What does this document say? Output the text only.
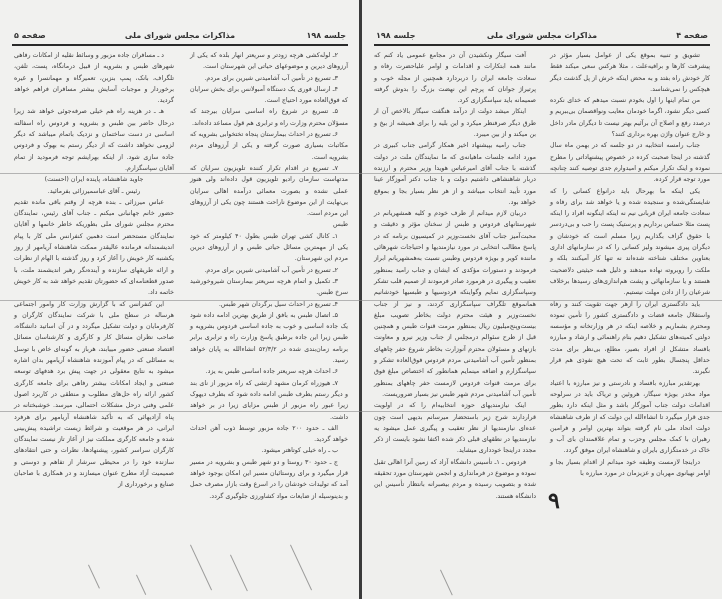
جلسه ۱۹۸
مذاکرات مجلس شورای ملی
صفحه ۵

۲ـ لوله‌کشی هرچه زودتر و سریعتر انهار بلده که یکی از آرزوهای دیرین و موضوعهای حیاتی این شهرستان است.

۳ـ تسریع در تأمین آب آشامیدنی شیرین برای مردم.

۴ـ ارسال فوری یک دستگاه آمبولانس برای بخش سرایان که فوق‌العاده مورد احتیاج است.

۵ـ تسریع در شروع راه اساسی سرایان بیرجند که مسؤلان محترم وزارت راه و ترابری هم قول مساعد داده‌اند.

۶ـ تسریع در احداث بیمارستان پنجاه تختخوابی بشرویه که مکاتبات بسیاری صورت گرفته و یکی از آرزوهای مردم بشرویه است.

۷ـ تسریع در اقدام تکرار کننده تلویزیون سرایان که مدتهاست سازمان رادیو تلویزیون قول داده‌اند ولی هنوز عملی نشده و بصورت معمائی درآمده اهالی سرایان بی‌نهایت از این موضوع ناراحت هستند چون یکی از آرزوهای این مردم است.

طبس

۱ـ کانال کشی تهران طبس بطول ۴۰ کیلومتر که خود یکی از مهمترین مسائل حیاتی طبس و از آرزوهای دیرین مردم این شهرستان.

۲ـ تسریع در تأمین آب آشامیدنی شیرین برای مردم.

۳ـ تکمیل و اتمام هرچه سریعتر بیمارستان شیروخورشید سرخ طبس.

۴ـ تسریع در احداث سیل برگردان شهر طبس.

۵ـ اتصال طبس به بافق از طریق بهترین ادامه داده شود یک جاده اساسی و خوب به جاده اساسی فردوس بشرویه و طبس زیرا این جاده برطبق پاسخ وزارت راه و ترابری برابر برنامه زمان‌بندی شده در ۵۲/۳/۲ انشاءالله به پایان خواهد رسید.

۶ـ احداث هرچه سریعتر جاده اساسی طبس به یزد.

۷ـ هیوزراه کرمان مشهد ارتشی که راه مزبور از نای بند و دیگر رستم بطرف طبس ادامه داده شود که بطرف دیهوک زیرا عبور راه مزبور از طبس مزایای زیرا در بر خواهد داشت.

الف ـ حدود ۲۰۰ جاده مزبور توسط ذوب آهن احداث خواهد گردید.

ب ـ راه خیلی کوتاهتر میشود.

ج ـ حدود ۳۰ روستا و دو شهر طبس و بشرویه در مسیر قرار میگیرد و برای روستائیان مسیر این امکان بوجود خواهد آمد که تولیدات خودشان را در اسرع وقت بازار مصرف حمل و بدینوسیله از ضایعات مواد کشاورزی جلوگیری گردد.

د ـ مسافران جاده مزبور و وسائط نقلیه از امکانات رفاهی شهرهای طبس و بشرویه از قبیل درمانگاه، پست، تلفن، تلگراف، بانک، پمپ بنزین، تعمیرگاه و مهمانسرا و غیره برخوردار و موجبات آسایش بیشتر مسافران فراهم خواهد گردید.

هـ ـ در هزینه راه هم خیلی صرفه‌جوئی خواهد شد زیرا درحال حاضر بین طبس و بشرویه و فردوس راه اسفالته اساسی در دست ساختمان و نزدیک باتمام میباشد که دیگر لزومی نخواهد داشت که از دیگر رستم به بهوک و فردوس جاده سازی شود. از اینکه بهرایشم توجه فرمودید از تمام آقایان سپاسگزارم.

جاوید شاهنشاه، پاینده ایران (احسنت)

رئیس ـ آقای عباسمیرزائی بفرمائید.

عباس میرزائی ـ بنده هرچه از وقتم باقی مانده تقدیم حضور خانم جهانبانی میکنم ـ جناب آقای رئیس، نمایندگان محترم مجلس شورای ملی بطوریکه خاطر خانمها و آقایان نمایندگان مستحضر است دهمین کنفرانس ملی کار با پیام اندیشمندانه فرمانده عالیقدر ممکت شاهنشاه آریامهر از روز یکشنبه کار خویش را آغاز کرد و روز گذشته با الهام از نظرات و ارائه طریقهای سازنده و آینده‌نگر رهبر اندیشمند ملت، با صدور قطعنامه‌ای که حضورتان تقدیم خواهد شد به کار خویش خاتمه داد.

این کنفرانس که با گزارش وزارت کار وامور اجتماعی هرساله در سطح ملی با شرکت نمایندگان کارگران و کارفرمایان و دولت تشکیل میگردد و در آن اساتید دانشگاه، صاحب نظران مسائل کار و کارگری و کارشناسان مسائل اقتصاد صنعتی حضور مییابند، هرباز به گونه‌ای خاص با توسل به مسائلی که در پیام آموزنده شاهنشاه آریامهر بدان اشاره میشود به نتایج معقولی در جهت پیش برد هدفهای توسعه صنعتی و ایجاد امکانات بیشتر رفاهی برای جامعه کارگری کشور ارائه راه حل‌های مطلوب و منطقی در کاربرد اصول علمی وفنی درحل مشکلات احتمالی، میرسد. خوشبختانه در پناه آزادیهائی که به تأکید شاهنشاه آریامهر برای هرفرد ایرانی، در هر موقعیت و شرائط زیست تراشیده پیش‌بینی شده و جامعه کارگری مملکت نیز از آغاز تاز نیست نمایندگان کارگران سراسر کشور، پیشنهادها، نظرات و حتی انتقادهای سازنده خود را در محیطی سرشار از تفاهم و دوستی و صمیمیت آزاد مطرح عنوان میسازند و در همکاری با صاحبان صنایع و برخورداری از

صفحه ۴
مذاکرات مجلس شورای ملی
جلسه ۱۹۸

تشویق و تنبیه بموقع یکی از عوامل بسیار مؤثر در پیشرفت کارها و برافیه‌علت ، مثلا هرکس سعی میکند فقط کار خودش راه بفتد و به محض اینکه خرش از پل گذشت دیگر هیچکس را نمی‌شناسد.

من تمام اینها را اول بخودم نسبت میدهم که خدای نکرده کسی دیگر نشود، اگرما خودمان معایب ونواقصمان بی‌ببریم و درصدد رفع و اصلاح آن برآئیم بهتر نیست تا دیگران مادر داخل و خارج عنوان واژن بهره برداری کنند؟

جناب رامسه انتخابیه در دو جلسه که در بهمن ماه سال گذشته در اینجا صحبت کرده در خصوص پیشنهاداتی را مطرح نموده و اینک تکرار میکنم و امیدوارم جدی توصیه کنند چنانچه مورد توجه قرار کرده.

یکی اینکه ما بهرحال باید درانواع کسانی را که شایستگی‌شده و سنجیده شده و یا خواهد شد برای رفاه و سعادت جامعه ایران قربانی نیم نه اینکه اینگونه افراد را اینکه پست مثلا حساس برداریم و پرستیک پست را حب و بی‌دردسر با حقوق گزاف بگذاریم زیرا مسلم است که خودشان و دیگران پیری میشوند ولیز کسانی را که در سازمانهای اداری بعناوین مختلف شناخته شده‌اند نه تنها کار آمیکنند بلکه و ملکت را روبروته نهاده میدهند و ذلیل همه حیثیتی دلاضحیت هستند و یا سازمانهائی و پشت هم‌اندازی‌های رسیدها برخلاف شرعیان را از دادن مهلت نیستیم.

باید دادگستری ایران را ازهر جهت تقویت کنند و رفاه واستقلال جامعه قضات و دادگستری کشور را تأمین نموده ومحترم بشماریم و خلاصه اینکه در هر وزارتخانه و مؤسسه دولتی کمیته‌های تشکیل دهیم بنام راهنمائی و ارشاد و مبارزه بافساد متشکل از افراد بصیر، مطلع، بی‌نظر برای مدت حداقل پنجسال بطور ثابت که تحت هیچ نفوذی هم قرار نگیرند.

بهرتقدیر مبارزه بافساد و نادرستی و نیز مبارزه با اعتیاد مواد مخدر بویژه سیگار، هروئین و تریاک باید در سرلوحه اقدامات دولت جناب آموزگار باشد و مثل اینکه دارد بطور جدی قرار میگیرد تا انشاءالله این دولت که از طرف شاهنشاه دولت اتحاد ملی نام گرفته بتواند بهترین اوامر و فرامین رهبران با کمک مجلس وحزب و تمام علاقمندان بای آب و خاک در خدمتگزاری بایران و شاهنشاه ایران موفق گردد.

دراینجا لازمست وظیفه خود میدانم از اقدام بسیار بجا و اوامر نهیانوی مهربان و عزیزمان در مورد مبارزه با

آفت سیگار ونکشیدن آن در مجامع عمومی یاد کنم که مانند همه ابتکارات و اقدامات و اوامر علیاحضرت رفاه و سعادت جامعه ایران را دربردارد همچنین از مجله خوب و پرتیراژ جوانان که پرچم این نهضت بزرگ را بدوش گرفته صمیمانه باید سپاسگزاری کرد.

اینکار میشد دولت از درآمد هنگفت سیگار بالاخص آن از طرق دیگر صرفنظر میکرد و این بلیه را برای همیشه از بیخ و بن میکند و از بین میبرد.

جناب رامیه بپیشنهاد اخیر همکار گرامی جناب کبیری در مورد ادامه جلسات ماهیانه‌ی که ما نمایندگان ملت در دولت گذشته با جناب آقای امیرعباس هویدا وزیر محترم و ارزنده دربار شاهنشاهی داشتیم دولت و با جناب دکتر آموزگار عینا مورد تأیید انتخاب میباشد و از هر نظر بسیار بجا و بموقع خواهد بود.

دربیان لازم میدانم از طرف خودم و کلیه همشهریانم در شهرستانهای فردوس و طبس از سخنان مؤثر و دقیقت و محبت‌آمیز جناب آقای نخست‌وزیر در کمیسیون برنامه که در پاسخ مطالب انتخابی در مورد نیازمندیها و احتیاجات شهرهائی ماننده کویر و بویژه فردوس وطبس نسبت به‌همشهریانم ابراز فرمودند و دستورات مؤکدی که ایشان و جناب رامید بمنظور تعقیب و پیگیری در هرمورد صادر فرمودند از صمیم قلب تشکر وسپاسگزاری نمایم وگواینکه فردوسیها و طبسیها خودشانیم همانموقع تلگراف سپاسگزاری کردند، و نیز از جناب نخست‌وزیر و هیئت محترم دولت بخاطر تصویب مبلغ بیست‌وپنج‌میلیون ریال بمنظور مرمت قنوات طبس و همچنین قبل از طرح سئوالم درمجلس از جناب وزیر نیرو و معاونت بازنهای و مسئولان محترم آنوزارت بخاطر شروع حفر چاههای بمنظور تأمین آب آشامیدنی مردم فردوس فوق‌العاده تشکر و سپاسگزارم و اضافه مینمایم همانطور که اختصاص مبلغ فوق برای مرمت قنوات فردوس لازمست حفر چاههای بمنظور تأمین آب آشامیدنی مردم شهر طبس نیز بسیار ضروریست.

اینک نیازمندیهای حوزه انتخابیه‌ام را که در اولویت قراردارند شرح زیر باستحضار میرسانم بدیهی است چون عده‌ای نیازمندیها از نظر تعقیب و پیگیری عمل میشود یه نیازمندیها در نطقهای قبلی ذکر شده اکتفا نشود بایست از ذکر مجدد دراینجا خودداری میشاید.

فردوس ـ ۱ـ تأسیس دانشگاه آزاد که زمین آنرا اهالی تقبل نموده و موضوع در فرمانداری و انجمن شهرستان مورد تحقیقه شده و بتصویب رسیده و مردم بیصبرانه بانتظار تأسیس این دانشگاه هستند. ۹
